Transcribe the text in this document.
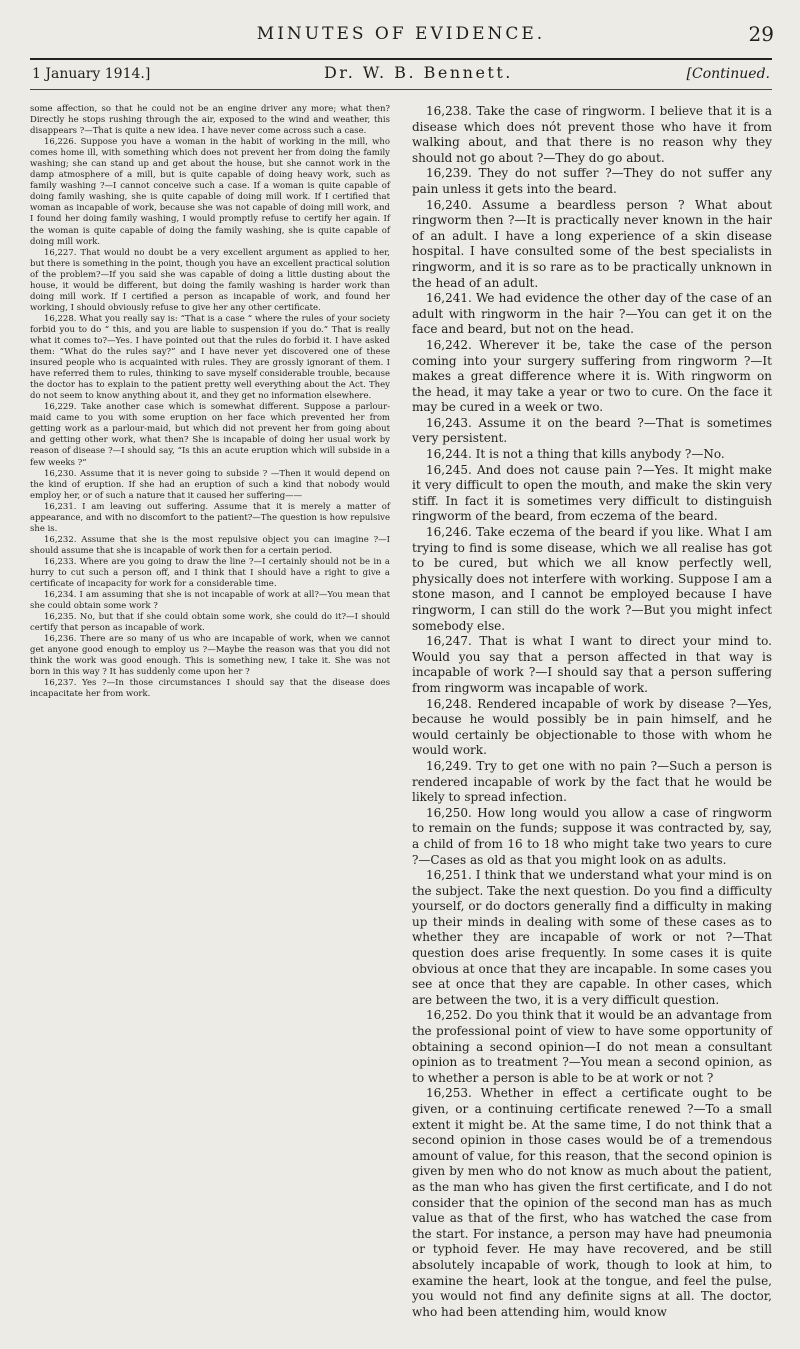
MINUTES OF EVIDENCE.	29
1 January 1914.]	Dr. W. B. Bennett.	[Continued.

some affection, so that he could not be an engine driver any more; what then? Directly he stops rushing through the air, exposed to the wind and weather, this disappears ?—That is quite a new idea. I have never come across such a case.

16,226. Suppose you have a woman in the habit of working in the mill, who comes home ill, with something which does not prevent her from doing the family washing; she can stand up and get about the house, but she cannot work in the damp atmosphere of a mill, but is quite capable of doing heavy work, such as family washing ?—I cannot conceive such a case. If a woman is quite capable of doing family washing, she is quite capable of doing mill work. If I certified that woman as incapable of work, because she was not capable of doing mill work, and I found her doing family washing, I would promptly refuse to certify her again. If the woman is quite capable of doing the family washing, she is quite capable of doing mill work.

16,227. That would no doubt be a very excellent argument as applied to her, but there is something in the point, though you have an excellent practical solution of the problem?—If you said she was capable of doing a little dusting about the house, it would be different, but doing the family washing is harder work than doing mill work. If I certified a person as incapable of work, and found her working, I should obviously refuse to give her any other certificate.

16,228. What you really say is: “That is a case “ where the rules of your society forbid you to do “ this, and you are liable to suspension if you do.” That is really what it comes to?—Yes. I have pointed out that the rules do forbid it. I have asked them: “What do the rules say?” and I have never yet discovered one of these insured people who is acquainted with rules. They are grossly ignorant of them. I have referred them to rules, thinking to save myself considerable trouble, because the doctor has to explain to the patient pretty well everything about the Act. They do not seem to know anything about it, and they get no information elsewhere.

16,229. Take another case which is somewhat different. Suppose a parlour-maid came to you with some eruption on her face which prevented her from getting work as a parlour-maid, but which did not prevent her from going about and getting other work, what then? She is incapable of doing her usual work by reason of disease ?—I should say, “Is this an acute eruption which will subside in a few weeks ?”

16,230. Assume that it is never going to subside ? —Then it would depend on the kind of eruption. If she had an eruption of such a kind that nobody would employ her, or of such a nature that it caused her suffering——

16,231. I am leaving out suffering. Assume that it is merely a matter of appearance, and with no discomfort to the patient?—The question is how repulsive she is.

16,232. Assume that she is the most repulsive object you can imagine ?—I should assume that she is incapable of work then for a certain period.

16,233. Where are you going to draw the line ?—I certainly should not be in a hurry to cut such a person off, and I think that I should have a right to give a certificate of incapacity for work for a considerable time.

16,234. I am assuming that she is not incapable of work at all?—You mean that she could obtain some work ?

16,235. No, but that if she could obtain some work, she could do it?—I should certify that person as incapable of work.

16,236. There are so many of us who are incapable of work, when we cannot get anyone good enough to employ us ?—Maybe the reason was that you did not think the work was good enough. This is something new, I take it. She was not born in this way ? It has suddenly come upon her ?

16,237. Yes ?—In those circumstances I should say that the disease does incapacitate her from work.

16,238. Take the case of ringworm. I believe that it is a disease which does nót prevent those who have it from walking about, and that there is no reason why they should not go about ?—They do go about.

16,239. They do not suffer ?—They do not suffer any pain unless it gets into the beard.

16,240. Assume a beardless person ? What about ringworm then ?—It is practically never known in the hair of an adult. I have a long experience of a skin disease hospital. I have consulted some of the best specialists in ringworm, and it is so rare as to be practically unknown in the head of an adult.

16,241. We had evidence the other day of the case of an adult with ringworm in the hair ?—You can get it on the face and beard, but not on the head.

16,242. Wherever it be, take the case of the person coming into your surgery suffering from ringworm ?—It makes a great difference where it is. With ringworm on the head, it may take a year or two to cure. On the face it may be cured in a week or two.

16,243. Assume it on the beard ?—That is sometimes very persistent.

16,244. It is not a thing that kills anybody ?—No.

16,245. And does not cause pain ?—Yes. It might make it very difficult to open the mouth, and make the skin very stiff. In fact it is sometimes very difficult to distinguish ringworm of the beard, from eczema of the beard.

16,246. Take eczema of the beard if you like. What I am trying to find is some disease, which we all realise has got to be cured, but which we all know perfectly well, physically does not interfere with working. Suppose I am a stone mason, and I cannot be employed because I have ringworm, I can still do the work ?—But you might infect somebody else.

16,247. That is what I want to direct your mind to. Would you say that a person affected in that way is incapable of work ?—I should say that a person suffering from ringworm was incapable of work.

16,248. Rendered incapable of work by disease ?—Yes, because he would possibly be in pain himself, and he would certainly be objectionable to those with whom he would work.

16,249. Try to get one with no pain ?—Such a person is rendered incapable of work by the fact that he would be likely to spread infection.

16,250. How long would you allow a case of ringworm to remain on the funds; suppose it was contracted by, say, a child of from 16 to 18 who might take two years to cure ?—Cases as old as that you might look on as adults.

16,251. I think that we understand what your mind is on the subject. Take the next question. Do you find a difficulty yourself, or do doctors generally find a difficulty in making up their minds in dealing with some of these cases as to whether they are incapable of work or not ?—That question does arise frequently. In some cases it is quite obvious at once that they are incapable. In some cases you see at once that they are capable. In other cases, which are between the two, it is a very difficult question.

16,252. Do you think that it would be an advantage from the professional point of view to have some opportunity of obtaining a second opinion—I do not mean a consultant opinion as to treatment ?—You mean a second opinion, as to whether a person is able to be at work or not ?

16,253. Whether in effect a certificate ought to be given, or a continuing certificate renewed ?—To a small extent it might be. At the same time, I do not think that a second opinion in those cases would be of a tremendous amount of value, for this reason, that the second opinion is given by men who do not know as much about the patient, as the man who has given the first certificate, and I do not consider that the opinion of the second man has as much value as that of the first, who has watched the case from the start. For instance, a person may have had pneumonia or typhoid fever. He may have recovered, and be still absolutely incapable of work, though to look at him, to examine the heart, look at the tongue, and feel the pulse, you would not find any definite signs at all. The doctor, who had been attending him, would know
